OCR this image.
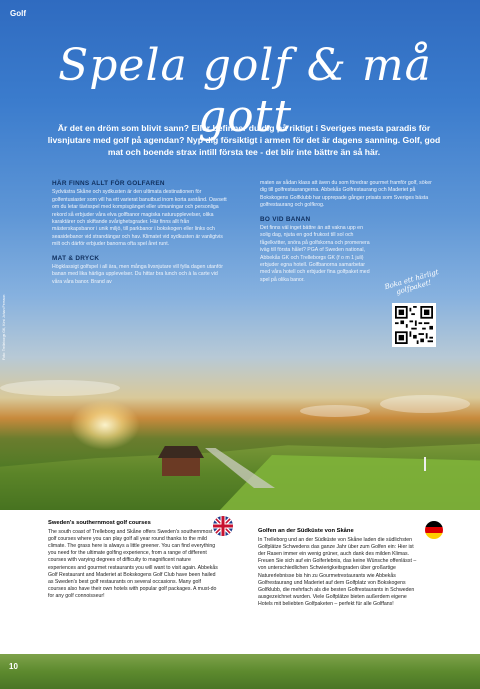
Golf
Spela golf & må gott
Är det en dröm som blivit sann? Eller befinner du dig på riktigt i Sveriges mesta paradis för livsnjutare med golf på agendan? Nyp dig försiktigt i armen för det är dagens sanning. Golf, god mat och boende strax intill första tee - det blir inte bättre än så här.
HÄR FINNS ALLT FÖR GOLFAREN

Sydvästra Skåne och sydkusten är den ultimata destinationen för golfentusiaster som vill ha ett varierat banutbud inom korta avstånd. Oavsett om du letar tävlsspel med kompisgänget eller utmaningar och personliga rekord så erbjuder våra elva golfbanor magiska naturupplevelser, olika karaktärer och skiftande svårighetsgrader. Här finns allt från mästerskapsbanor i unik miljö, till parkbanor i bokskogen eller links och seasidebanor vid strandängar och hav. Klimatet vid sydkusten är vanligtvis milt och därför erbjuder banorna ofta spel året runt.

MAT & DRYCK

Högklassigt golfspel i all ära, men många livsnjutare vill fylla dagen utanför banan med lika härliga upplevelser. Du hittar bra lunch och à la carte vid våra våra banor. Brand av

maten av sådan klass att även du som föredrar gourmet framför golf, söker dig till golfrestaurangerna. Abbekås Golfrestaurang och Maderiet på Bokskogens Golfklubb har upprepade gånger prisats som Sveriges bästa golfrestaurang och golfkrog.

BO VID BANAN

Det finns väl inget bättre än att vakna upp en solig dag, njuta en god frukost till sol och fågelkvitter, snöra på golfskorna och promenera iväg till första hålet? PGA of Sweden national, Abbekås GK och Trelleborgs GK (f o m 1 juli) erbjuder egna hotell. Golfbanorna samarbetar med våra hotell och erbjuder fina golfpaket med spel på olika banor.

Foto: Trelleborgs GK, Kirsi Johan Persson
Boka ett härligt golfpaket!
Sweden's southernmost golf courses

The south coast of Trelleborg and Skåne offers Sweden's southernmost golf courses where you can play golf all year round thanks to the mild climate. The grass here is always a little greener. You can find everything you need for the ultimate golfing experience, from a range of different courses with varying degrees of difficulty to magnificent nature experiences and gourmet restaurants you will want to visit again. Abbekås Golf Restaurant and Maderiet at Bokskogens Golf Club have been hailed as Sweden's best golf restaurants on several occasions. Many golf courses also have their own hotels with popular golf packages. A must-do for any golf connoisseur!

Golfen an der Südküste von Skåne

In Trelleborg und an der Südküste von Skåne laden die südlichsten Golfplätze Schwedens das ganze Jahr über zum Golfen ein: Hier ist der Rasen immer ein wenig grüner, auch dank des milden Klimas. Freuen Sie sich auf ein Golferlebnis, das keine Wünsche offenlässt – von unterschiedlichen Schwierigkeitsgraden über großartige Naturerlebnisse bis hin zu Gourmetrestaurants wie Abbekås Golfrestaurang und Maderiet auf dem Golfplatz von Bokskogens Golfklubb, die mehrfach als die besten Golfrestaurants in Schweden ausgezeichnet wurden. Viele Golfplätze bieten außerdem eigene Hotels mit beliebten Golfpaketen – perfekt für alle Golffans!

10
